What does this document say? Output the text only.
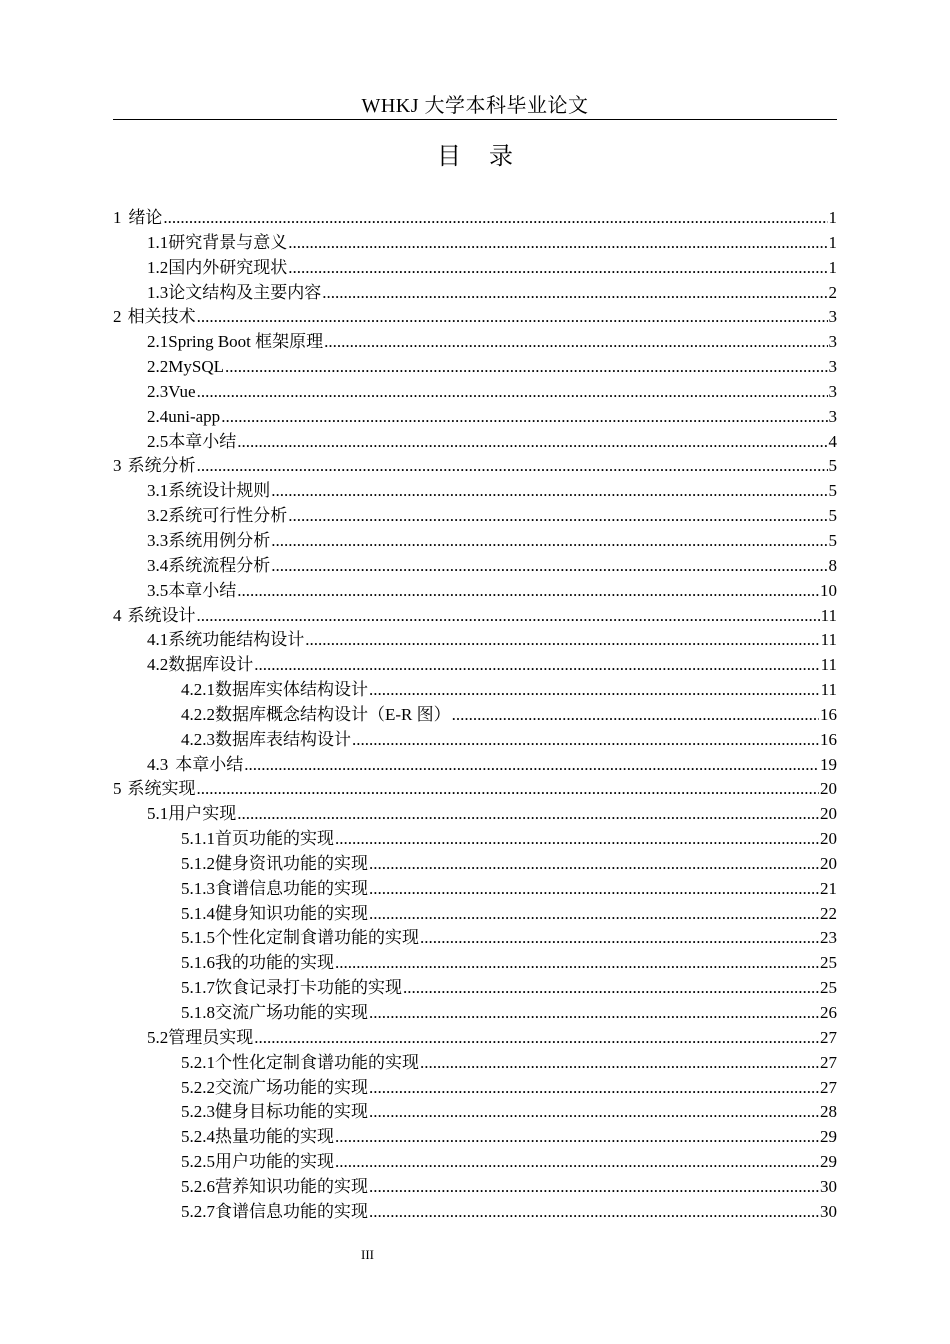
WHKJ 大学本科毕业论文
目录
1 绪论 .....	1
1.1 研究背景与意义 .....	1
1.2 国内外研究现状 .....	1
1.3 论文结构及主要内容 .....	2
2 相关技术 .....	3
2.1 Spring Boot 框架原理 .....	3
2.2 MySQL .....	3
2.3 Vue .....	3
2.4 uni-app .....	3
2.5 本章小结 .....	4
3 系统分析 .....	5
3.1 系统设计规则 .....	5
3.2 系统可行性分析 .....	5
3.3 系统用例分析 .....	5
3.4 系统流程分析 .....	8
3.5 本章小结 .....	10
4 系统设计 .....	11
4.1 系统功能结构设计 .....	11
4.2 数据库设计 .....	11
4.2.1 数据库实体结构设计 .....	11
4.2.2 数据库概念结构设计（E-R 图） .....	16
4.2.3 数据库表结构设计 .....	16
4.3 本章小结 .....	19
5 系统实现 .....	20
5.1 用户实现 .....	20
5.1.1 首页功能的实现 .....	20
5.1.2 健身资讯功能的实现 .....	20
5.1.3 食谱信息功能的实现 .....	21
5.1.4 健身知识功能的实现 .....	22
5.1.5 个性化定制食谱功能的实现 .....	23
5.1.6 我的功能的实现 .....	25
5.1.7 饮食记录打卡功能的实现 .....	25
5.1.8 交流广场功能的实现 .....	26
5.2 管理员实现 .....	27
5.2.1 个性化定制食谱功能的实现 .....	27
5.2.2 交流广场功能的实现 .....	27
5.2.3 健身目标功能的实现 .....	28
5.2.4 热量功能的实现 .....	29
5.2.5 用户功能的实现 .....	29
5.2.6 营养知识功能的实现 .....	30
5.2.7 食谱信息功能的实现 .....	30
III
